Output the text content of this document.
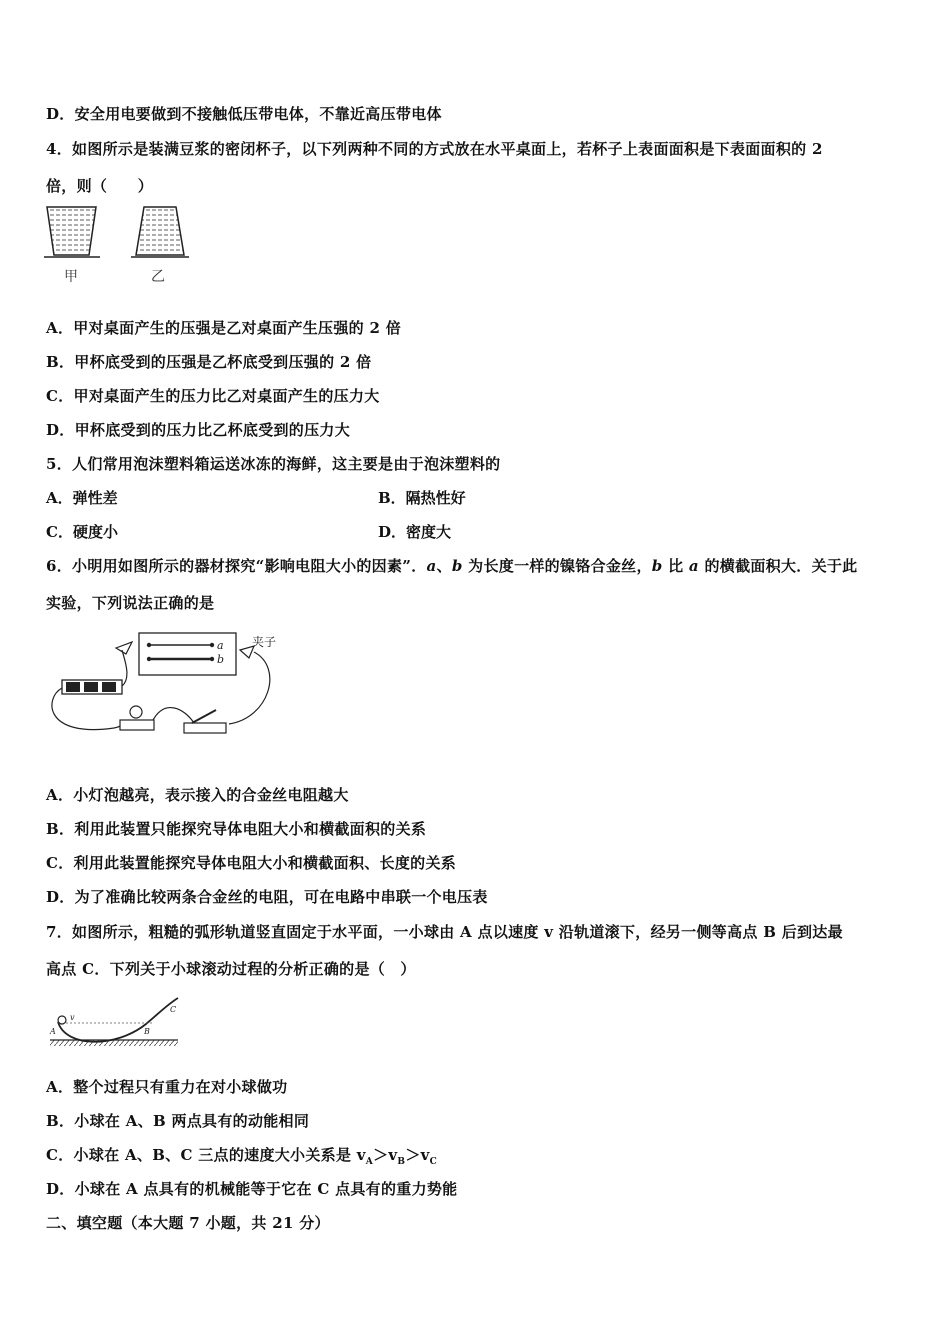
D．安全用电要做到不接触低压带电体，不靠近高压带电体
4．如图所示是装满豆浆的密闭杯子，以下列两种不同的方式放在水平桌面上，若杯子上表面面积是下表面面积的 2
倍，则（　　）
甲	乙
A．甲对桌面产生的压强是乙对桌面产生压强的 2 倍
B．甲杯底受到的压强是乙杯底受到压强的 2 倍
C．甲对桌面产生的压力比乙对桌面产生的压力大
D．甲杯底受到的压力比乙杯底受到的压力大
5．人们常用泡沫塑料箱运送冰冻的海鲜，这主要是由于泡沫塑料的
A．弹性差	B．隔热性好
C．硬度小	D．密度大
6．小明用如图所示的器材探究“影响电阻大小的因素”．a、b 为长度一样的镍铬合金丝，b 比 a 的横截面积大．关于此
实验，下列说法正确的是
a
b
夹子
A．小灯泡越亮，表示接入的合金丝电阻越大
B．利用此装置只能探究导体电阻大小和横截面积的关系
C．利用此装置能探究导体电阻大小和横截面积、长度的关系
D．为了准确比较两条合金丝的电阻，可在电路中串联一个电压表
7．如图所示，粗糙的弧形轨道竖直固定于水平面，一小球由 A 点以速度 v 沿轨道滚下，经另一侧等高点 B 后到达最
高点 C．下列关于小球滚动过程的分析正确的是（　）
A
v
B
C
A．整个过程只有重力在对小球做功
B．小球在 A、B 两点具有的动能相同
C．小球在 A、B、C 三点的速度大小关系是 $v_A>v_B>v_C$
D．小球在 A 点具有的机械能等于它在 C 点具有的重力势能
二、填空题（本大题 7 小题，共 21 分）
